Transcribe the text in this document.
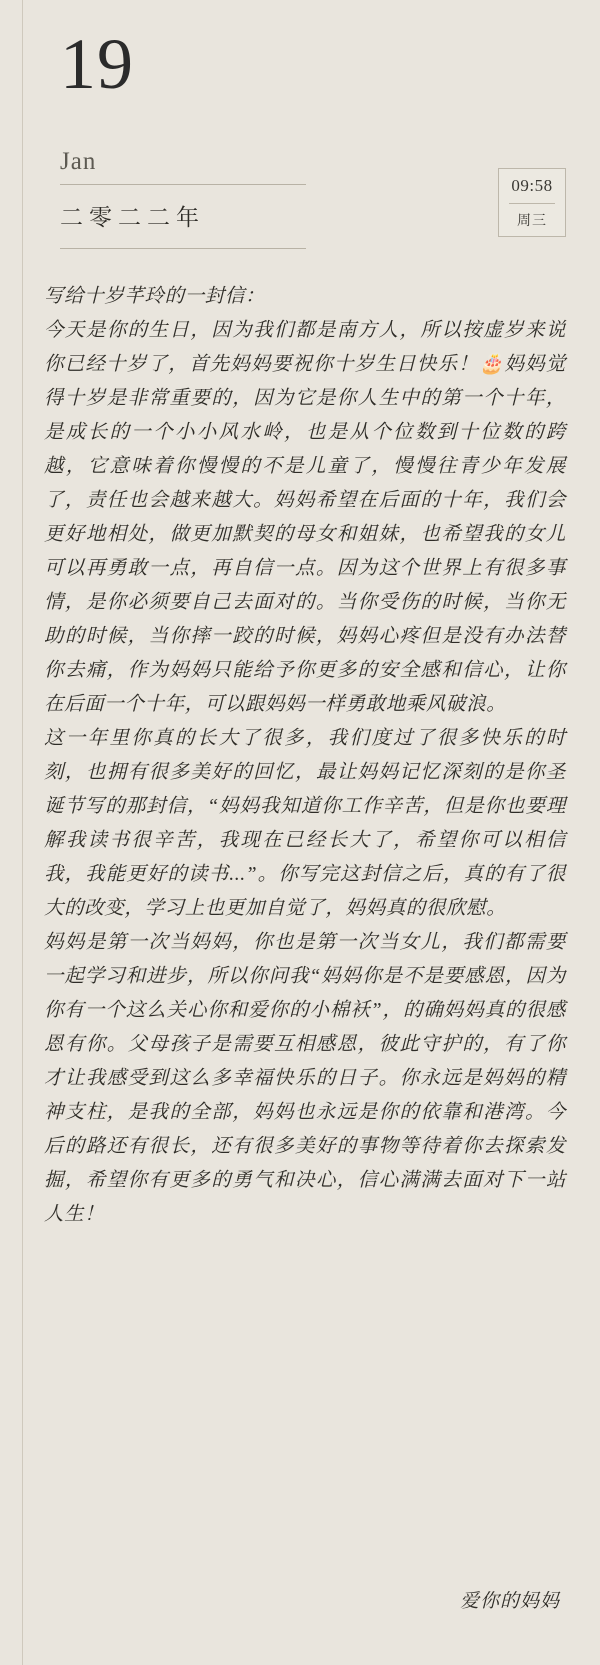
19
Jan
二零二二年
09:58
周三

写给十岁芊玲的一封信：

今天是你的生日，因为我们都是南方人，所以按虚岁来说你已经十岁了，首先妈妈要祝你十岁生日快乐！🎂妈妈觉得十岁是非常重要的，因为它是你人生中的第一个十年，是成长的一个小小风水岭，也是从个位数到十位数的跨越，它意味着你慢慢的不是儿童了，慢慢往青少年发展了，责任也会越来越大。妈妈希望在后面的十年，我们会更好地相处，做更加默契的母女和姐妹，也希望我的女儿可以再勇敢一点，再自信一点。因为这个世界上有很多事情，是你必须要自己去面对的。当你受伤的时候，当你无助的时候，当你摔一跤的时候，妈妈心疼但是没有办法替你去痛，作为妈妈只能给予你更多的安全感和信心，让你在后面一个十年，可以跟妈妈一样勇敢地乘风破浪。

这一年里你真的长大了很多，我们度过了很多快乐的时刻，也拥有很多美好的回忆，最让妈妈记忆深刻的是你圣诞节写的那封信，“妈妈我知道你工作辛苦，但是你也要理解我读书很辛苦，我现在已经长大了，希望你可以相信我，我能更好的读书...”。你写完这封信之后，真的有了很大的改变，学习上也更加自觉了，妈妈真的很欣慰。

妈妈是第一次当妈妈，你也是第一次当女儿，我们都需要一起学习和进步，所以你问我“妈妈你是不是要感恩，因为你有一个这么关心你和爱你的小棉袄”，的确妈妈真的很感恩有你。父母孩子是需要互相感恩，彼此守护的，有了你才让我感受到这么多幸福快乐的日子。你永远是妈妈的精神支柱，是我的全部，妈妈也永远是你的依靠和港湾。今后的路还有很长，还有很多美好的事物等待着你去探索发掘，希望你有更多的勇气和决心，信心满满去面对下一站人生！

爱你的妈妈
